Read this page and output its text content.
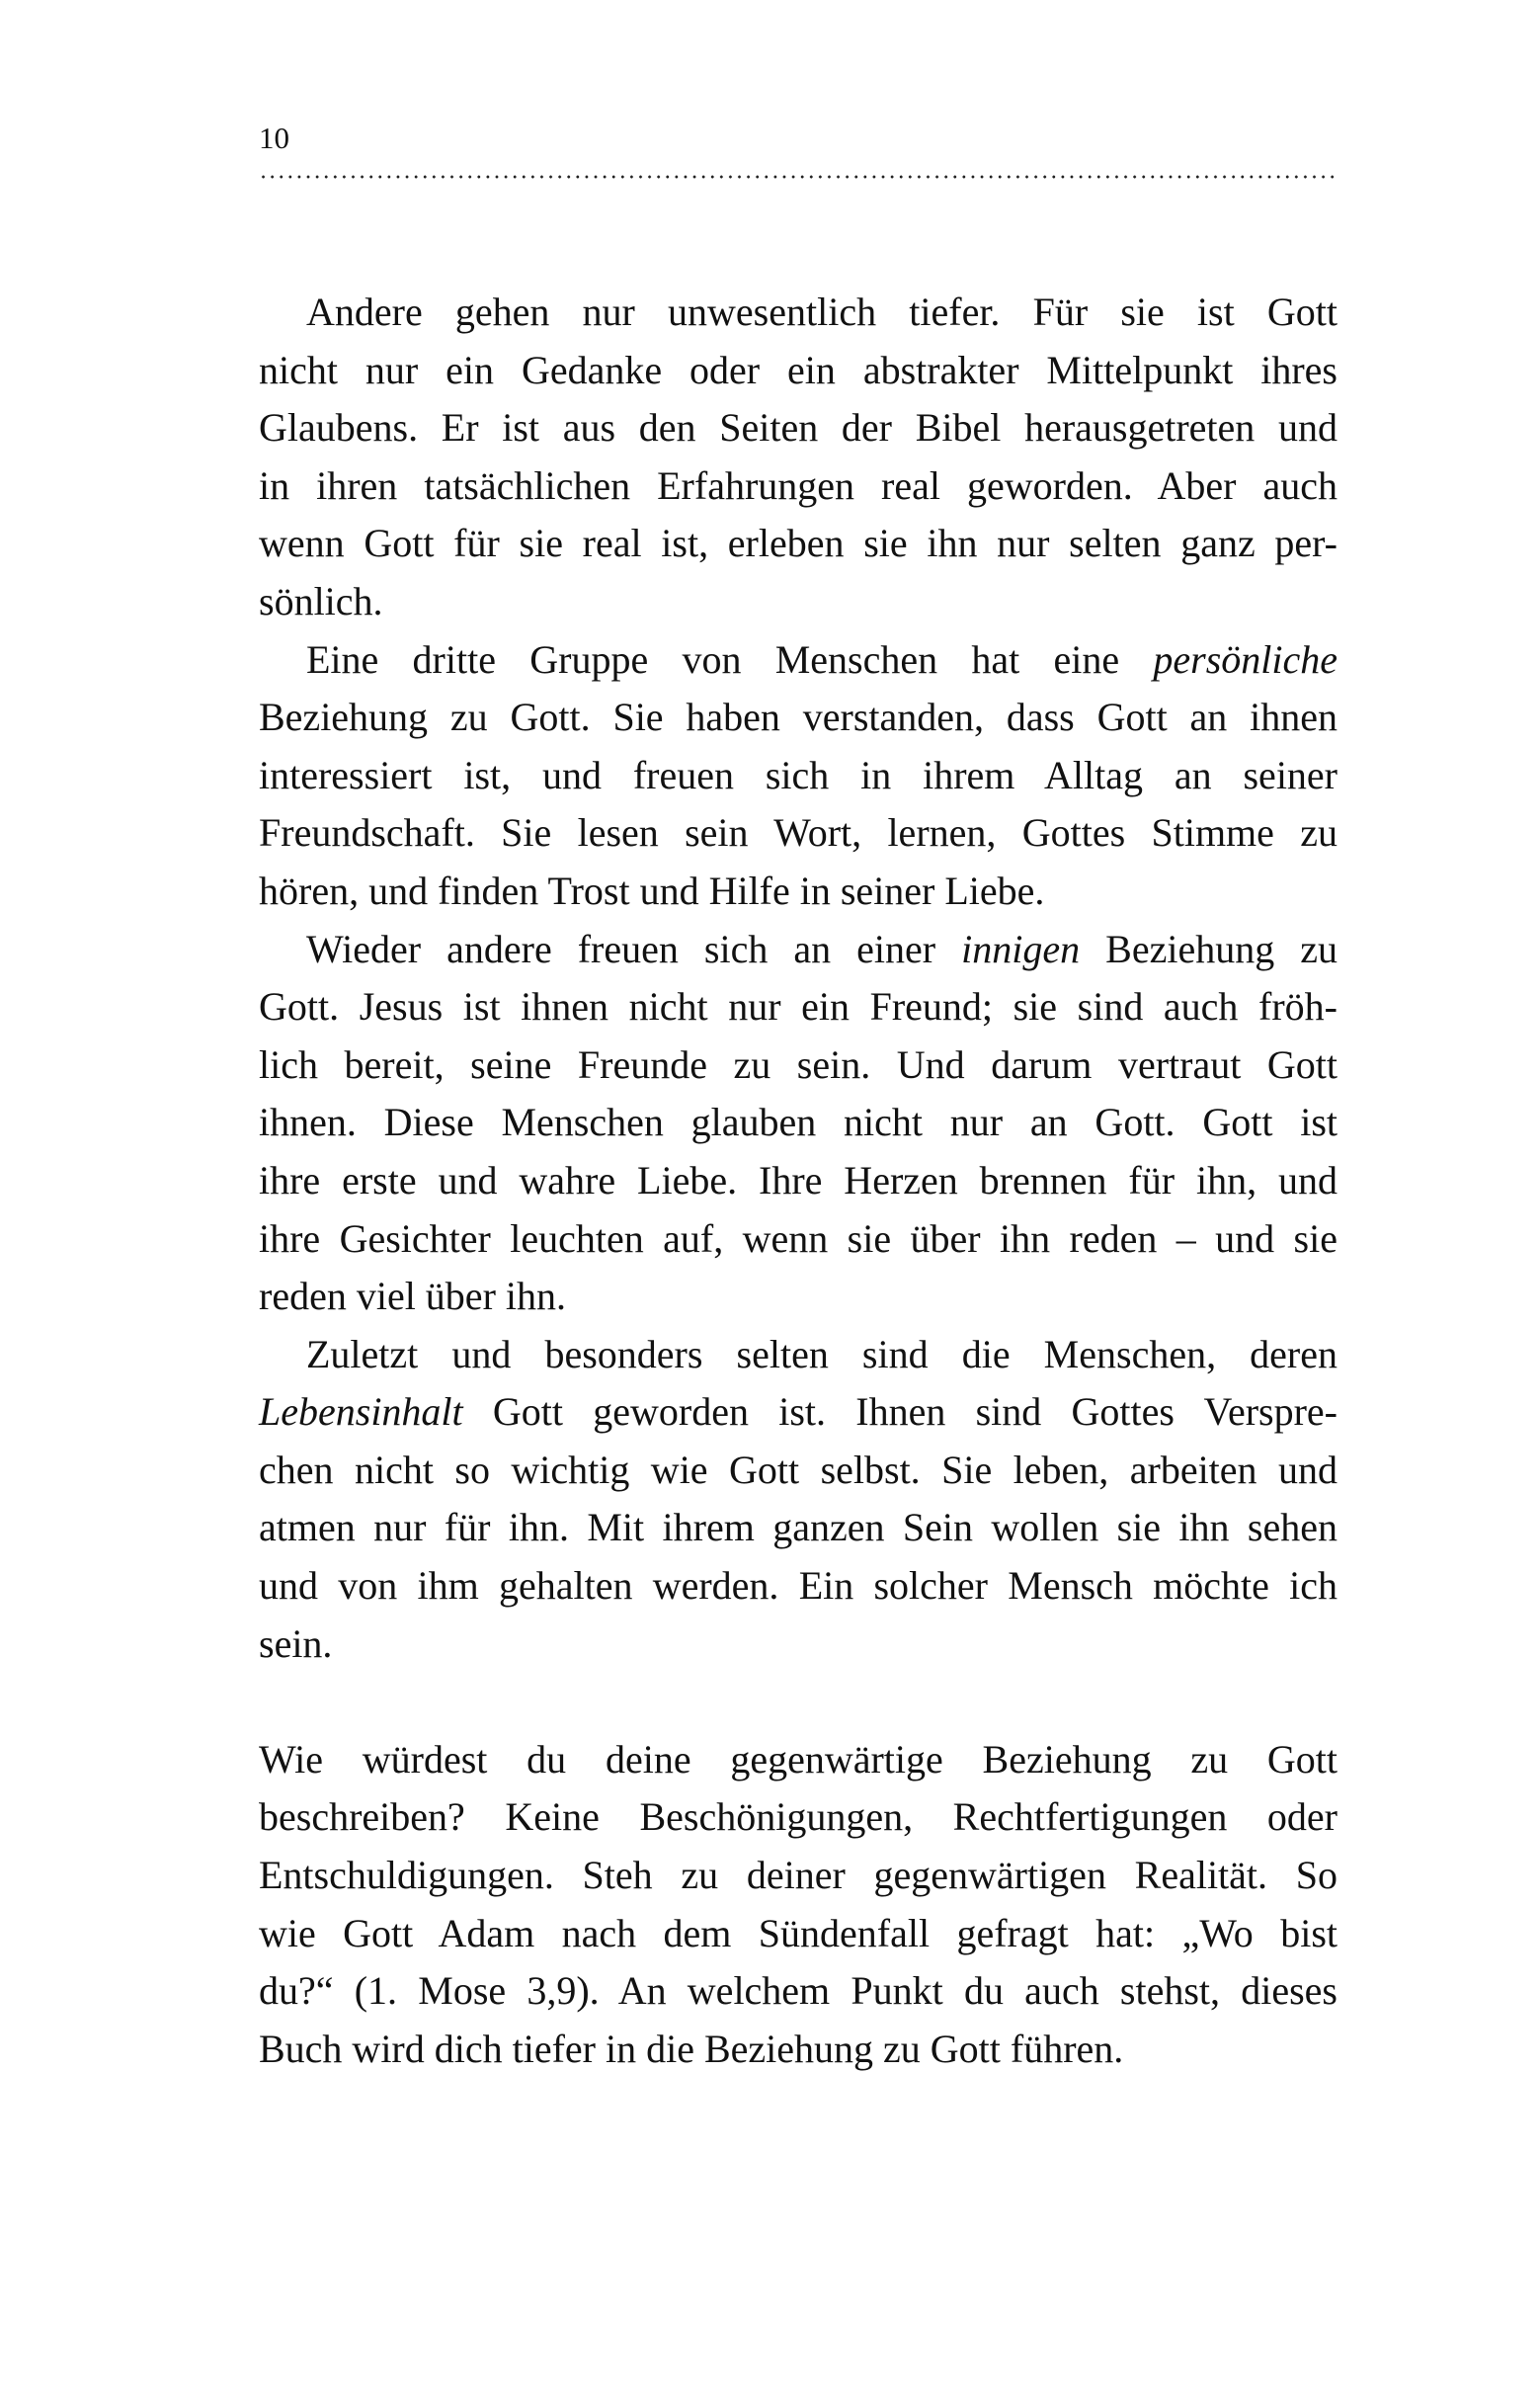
10
Andere gehen nur unwesentlich tiefer. Für sie ist Gott
nicht nur ein Gedanke oder ein abstrakter Mittelpunkt ihres
Glaubens. Er ist aus den Seiten der Bibel herausgetreten und
in ihren tatsächlichen Erfahrungen real geworden. Aber auch
wenn Gott für sie real ist, erleben sie ihn nur selten ganz per-
sönlich.
Eine dritte Gruppe von Menschen hat eine persönliche
Beziehung zu Gott. Sie haben verstanden, dass Gott an ihnen
interessiert ist, und freuen sich in ihrem Alltag an seiner
Freundschaft. Sie lesen sein Wort, lernen, Gottes Stimme zu
hören, und finden Trost und Hilfe in seiner Liebe.
Wieder andere freuen sich an einer innigen Beziehung zu
Gott. Jesus ist ihnen nicht nur ein Freund; sie sind auch fröh-
lich bereit, seine Freunde zu sein. Und darum vertraut Gott
ihnen. Diese Menschen glauben nicht nur an Gott. Gott ist
ihre erste und wahre Liebe. Ihre Herzen brennen für ihn, und
ihre Gesichter leuchten auf, wenn sie über ihn reden – und sie
reden viel über ihn.
Zuletzt und besonders selten sind die Menschen, deren
Lebensinhalt Gott geworden ist. Ihnen sind Gottes Verspre-
chen nicht so wichtig wie Gott selbst. Sie leben, arbeiten und
atmen nur für ihn. Mit ihrem ganzen Sein wollen sie ihn sehen
und von ihm gehalten werden. Ein solcher Mensch möchte ich
sein.
Wie würdest du deine gegenwärtige Beziehung zu Gott
beschreiben? Keine Beschönigungen, Rechtfertigungen oder
Entschuldigungen. Steh zu deiner gegenwärtigen Realität. So
wie Gott Adam nach dem Sündenfall gefragt hat: „Wo bist
du?“ (1. Mose 3,9). An welchem Punkt du auch stehst, dieses
Buch wird dich tiefer in die Beziehung zu Gott führen.
